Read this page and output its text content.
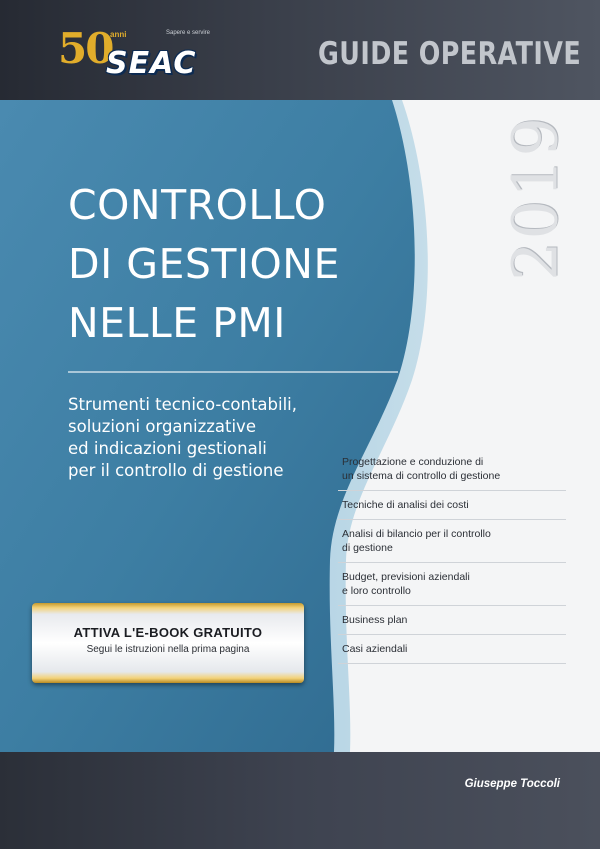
50
anni	Sapere e servire
SEAC	GUIDE OPERATIVE
2019
CONTROLLO
DI GESTIONE
NELLE PMI
Strumenti tecnico-contabili,
soluzioni organizzative
ed indicazioni gestionali
per il controllo di gestione	Progettazione e conduzione di
un sistema di controllo di gestione
Tecniche di analisi dei costi
Analisi di bilancio per il controllo
di gestione
Budget, previsioni aziendali
e loro controllo
Business plan
Casi aziendali
ATTIVA L'E-BOOK GRATUITO
Segui le istruzioni nella prima pagina
Giuseppe Toccoli
